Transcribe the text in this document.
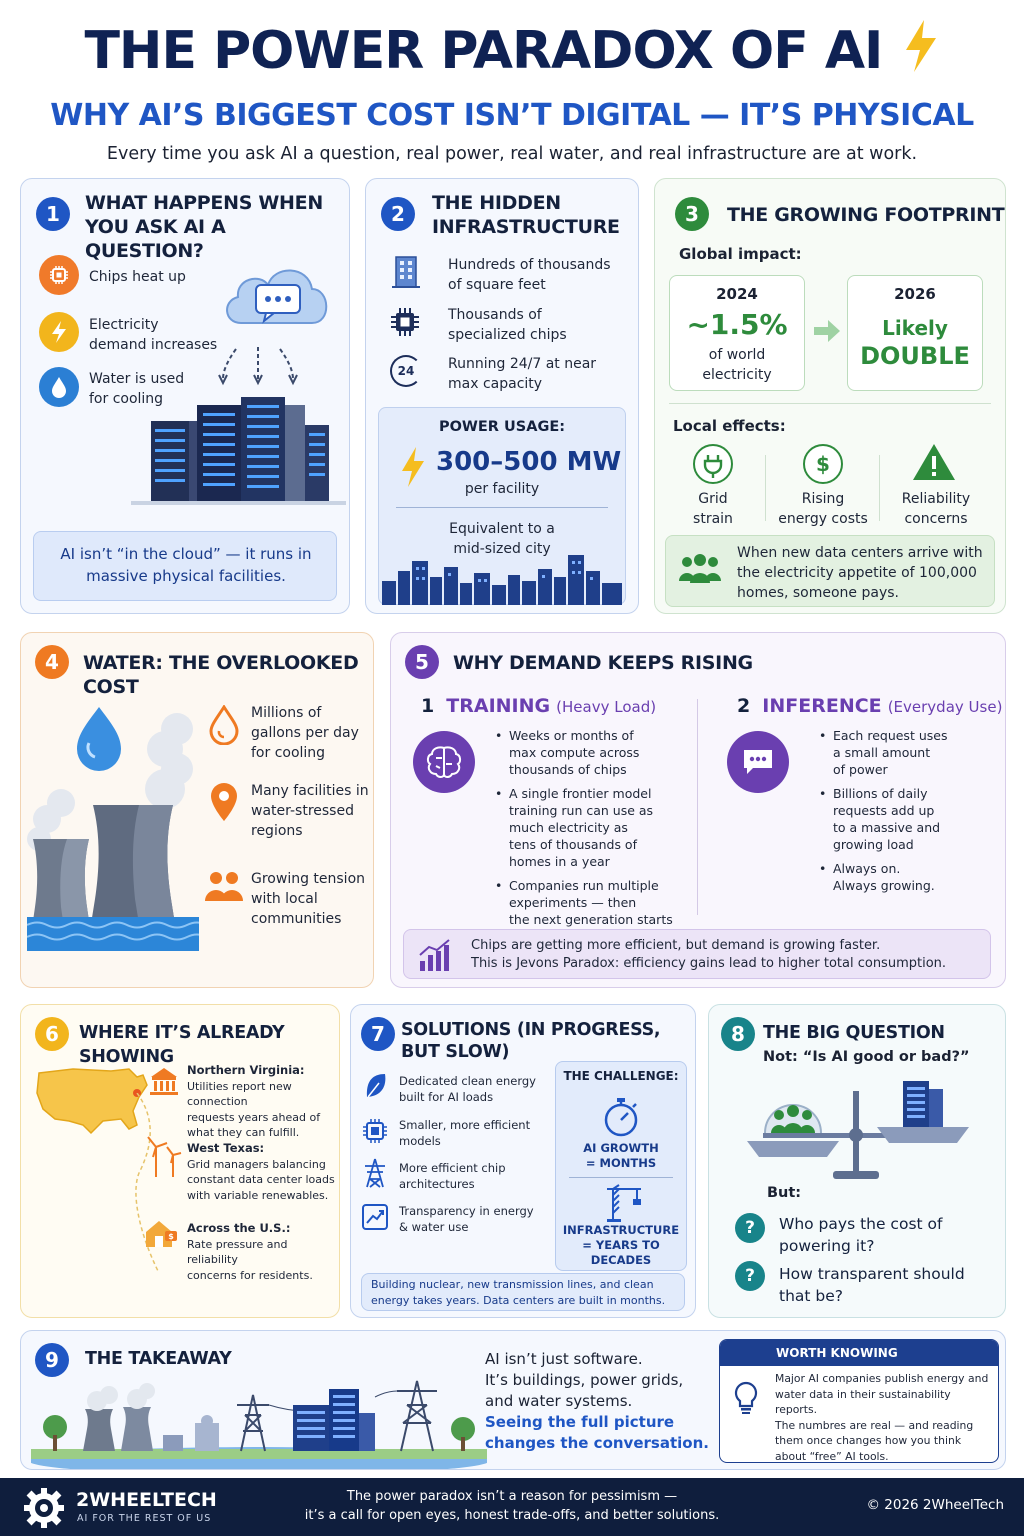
THE POWER PARADOX OF AI
WHY AI’S BIGGEST COST ISN’T DIGITAL — IT’S PHYSICAL
Every time you ask AI a question, real power, real water, and real infrastructure are at work.
1	WHAT HAPPENS WHEN
YOU ASK AI A QUESTION?
Chips heat up
Electricity
demand increases
Water is used
for cooling
AI isn’t “in the cloud” — it runs in
massive physical facilities.
2	THE HIDDEN
INFRASTRUCTURE
Hundreds of thousands
of square feet
Thousands of
specialized chips
24 Running 24/7 at near
max capacity
POWER USAGE:
300–500 MW
per facility
Equivalent to a
mid-sized city
3	THE GROWING FOOTPRINT
Global impact:
2024
~1.5%
of world
electricity
2026
Likely
DOUBLE
Local effects:
Grid
strain
$
Rising
energy costs
Reliability
concerns
When new data centers arrive with
the electricity appetite of 100,000
homes, someone pays.
4	WATER: THE OVERLOOKED COST
Millions of
gallons per day
for cooling
Many facilities in
water-stressed
regions
Growing tension
with local
communities
5	WHY DEMAND KEEPS RISING
1 TRAINING (Heavy Load)
• Weeks or months of
max compute across
thousands of chips
• A single frontier model
training run can use as
much electricity as
tens of thousands of
homes in a year
• Companies run multiple
experiments — then
the next generation starts
2 INFERENCE (Everyday Use)
• Each request uses
a small amount
of power
• Billions of daily
requests add up
to a massive and
growing load
• Always on.
Always growing.
Chips are getting more efficient, but demand is growing faster.
This is Jevons Paradox: efficiency gains lead to higher total consumption.
6	WHERE IT’S ALREADY SHOWING
Northern Virginia:
Utilities report new connection
requests years ahead of
what they can fulfill.
West Texas:
Grid managers balancing
constant data center loads
with variable renewables.
$
Across the U.S.:
Rate pressure and reliability
concerns for residents.
7 SOLUTIONS (IN PROGRESS,
BUT SLOW)
Dedicated clean energy
built for AI loads
Smaller, more efficient
models
More efficient chip
architectures
Transparency in energy
& water use
THE CHALLENGE:
AI GROWTH
= MONTHS
INFRASTRUCTURE
= YEARS TO
DECADES
Building nuclear, new transmission lines, and clean
energy takes years. Data centers are built in months.
8	THE BIG QUESTION
Not: “Is AI good or bad?”
But:
? Who pays the cost of
powering it?
? How transparent should
that be?
9	THE TAKEAWAY	AI isn’t just software.
It’s buildings, power grids,
and water systems.
Seeing the full picture
changes the conversation.
WORTH KNOWING
Major AI companies publish energy and
water data in their sustainability reports.
The numbres are real — and reading
them once changes how you think
about “free” AI tools.
2WHEELTECH
AI FOR THE REST OF US
The power paradox isn’t a reason for pessimism —
it’s a call for open eyes, honest trade-offs, and better solutions.
© 2026 2WheelTech
